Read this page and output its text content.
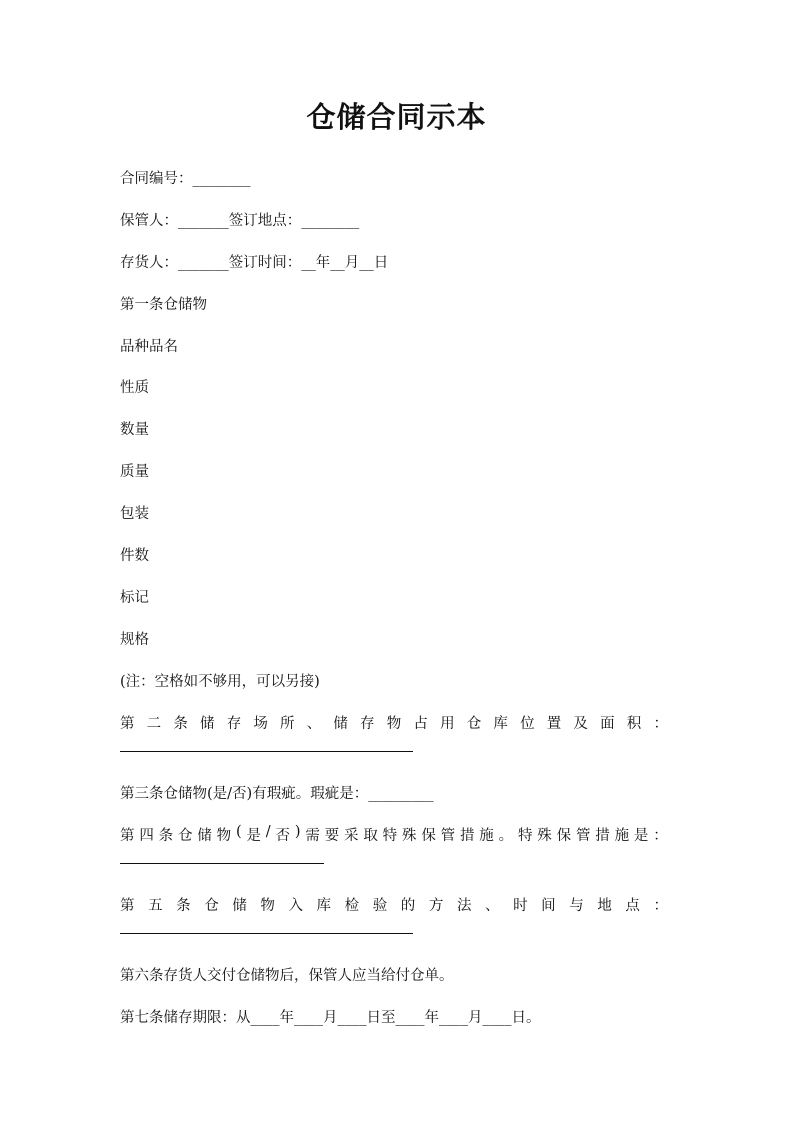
仓储合同示本
合同编号：________
保管人：_______签订地点：________
存货人：_______签订时间：__年__月__日
第一条仓储物
品种品名
性质
数量
质量
包装
件数
标记
规格
(注：空格如不够用，可以另接)
第 二 条 储 存 场 所 、 储 存 物 占 用 仓 库 位 置 及 面 积 ：
第三条仓储物(是/否)有瑕疵。瑕疵是：_________
第 四 条 仓 储 物 ( 是 / 否 ) 需 要 采 取 特 殊 保 管 措 施 。 特 殊 保 管 措 施 是 ：
第 五 条 仓 储 物 入 库 检 验 的 方 法 、 时 间 与 地 点 ：
第六条存货人交付仓储物后，保管人应当给付仓单。
第七条储存期限：从____年____月____日至____年____月____日。
